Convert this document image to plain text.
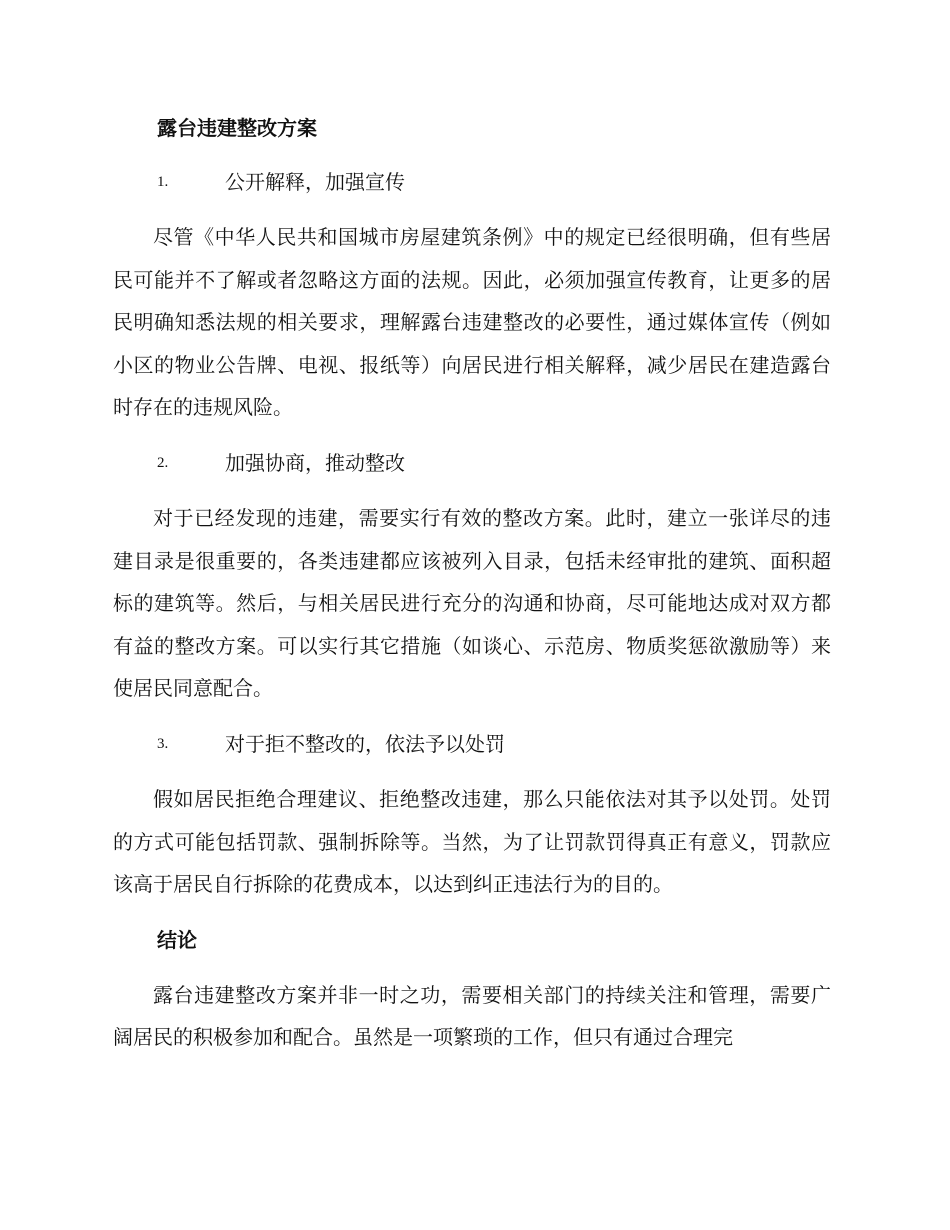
露台违建整改方案
1.	公开解释，加强宣传

尽管《中华人民共和国城市房屋建筑条例》中的规定已经很明确，但有些居民可能并不了解或者忽略这方面的法规。因此，必须加强宣传教育，让更多的居民明确知悉法规的相关要求，理解露台违建整改的必要性，通过媒体宣传（例如小区的物业公告牌、电视、报纸等）向居民进行相关解释，减少居民在建造露台时存在的违规风险。

2.	加强协商，推动整改

对于已经发现的违建，需要实行有效的整改方案。此时，建立一张详尽的违建目录是很重要的，各类违建都应该被列入目录，包括未经审批的建筑、面积超标的建筑等。然后，与相关居民进行充分的沟通和协商，尽可能地达成对双方都有益的整改方案。可以实行其它措施（如谈心、示范房、物质奖惩欲激励等）来使居民同意配合。

3.	对于拒不整改的，依法予以处罚

假如居民拒绝合理建议、拒绝整改违建，那么只能依法对其予以处罚。处罚的方式可能包括罚款、强制拆除等。当然，为了让罚款罚得真正有意义，罚款应该高于居民自行拆除的花费成本，以达到纠正违法行为的目的。

结论

露台违建整改方案并非一时之功，需要相关部门的持续关注和管理，需要广阔居民的积极参加和配合。虽然是一项繁琐的工作，但只有通过合理完
